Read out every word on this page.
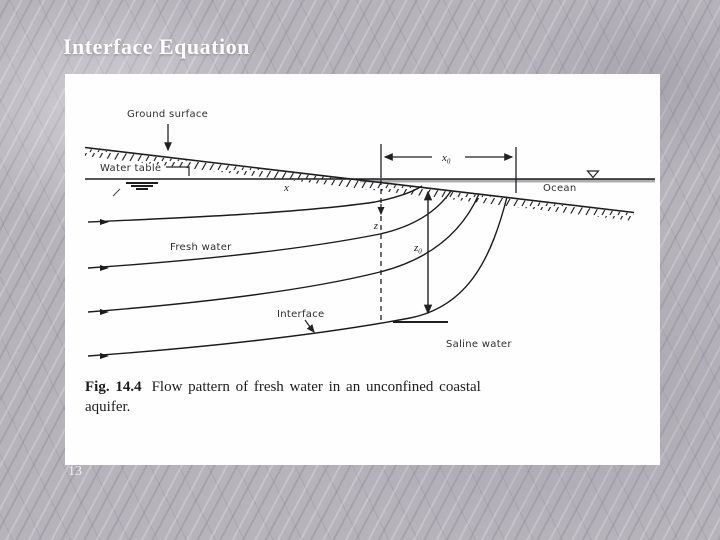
Interface Equation
Ground surface
Water table
Fresh water
Interface
Saline water
Ocean
x
$x_0$
z
$z_0$
Fig. 14.4 Flow pattern of fresh water in an unconfined coastal
aquifer.
13
